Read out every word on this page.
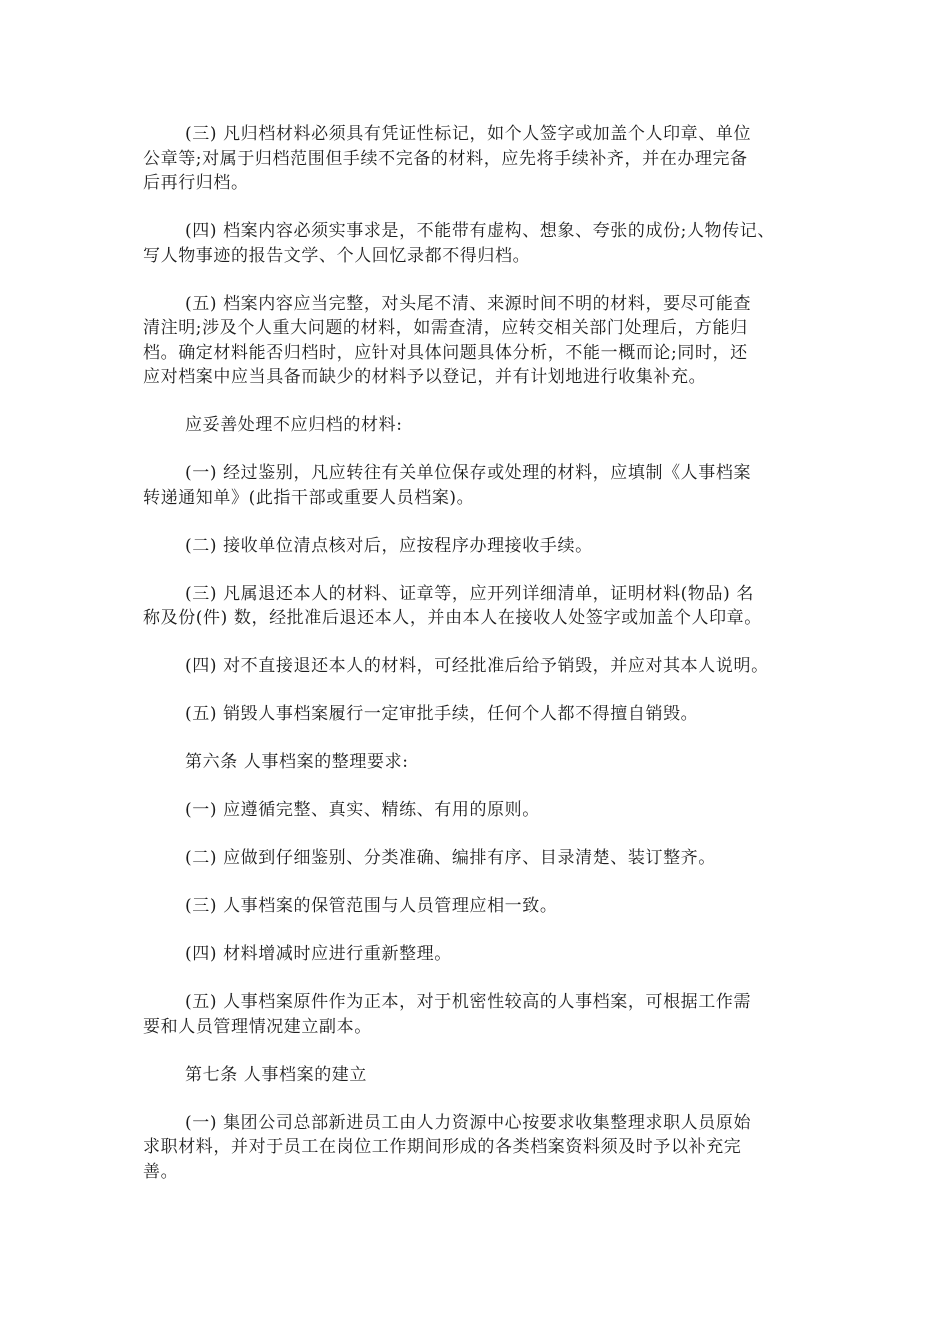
(三) 凡归档材料必须具有凭证性标记，如个人签字或加盖个人印章、单位
公章等;对属于归档范围但手续不完备的材料，应先将手续补齐，并在办理完备
后再行归档。
(四) 档案内容必须实事求是，不能带有虚构、想象、夸张的成份;人物传记、
写人物事迹的报告文学、个人回忆录都不得归档。
(五) 档案内容应当完整，对头尾不清、来源时间不明的材料，要尽可能查
清注明;涉及个人重大问题的材料，如需查清，应转交相关部门处理后，方能归
档。确定材料能否归档时，应针对具体问题具体分析，不能一概而论;同时，还
应对档案中应当具备而缺少的材料予以登记，并有计划地进行收集补充。
应妥善处理不应归档的材料:
(一) 经过鉴别，凡应转往有关单位保存或处理的材料，应填制《人事档案
转递通知单》(此指干部或重要人员档案)。
(二) 接收单位清点核对后，应按程序办理接收手续。
(三) 凡属退还本人的材料、证章等，应开列详细清单，证明材料(物品) 名
称及份(件) 数，经批准后退还本人，并由本人在接收人处签字或加盖个人印章。
(四) 对不直接退还本人的材料，可经批准后给予销毁，并应对其本人说明。
(五) 销毁人事档案履行一定审批手续，任何个人都不得擅自销毁。
第六条 人事档案的整理要求:
(一) 应遵循完整、真实、精练、有用的原则。
(二) 应做到仔细鉴别、分类准确、编排有序、目录清楚、装订整齐。
(三) 人事档案的保管范围与人员管理应相一致。
(四) 材料增减时应进行重新整理。
(五) 人事档案原件作为正本，对于机密性较高的人事档案，可根据工作需
要和人员管理情况建立副本。
第七条 人事档案的建立
(一) 集团公司总部新进员工由人力资源中心按要求收集整理求职人员原始
求职材料，并对于员工在岗位工作期间形成的各类档案资料须及时予以补充完
善。
